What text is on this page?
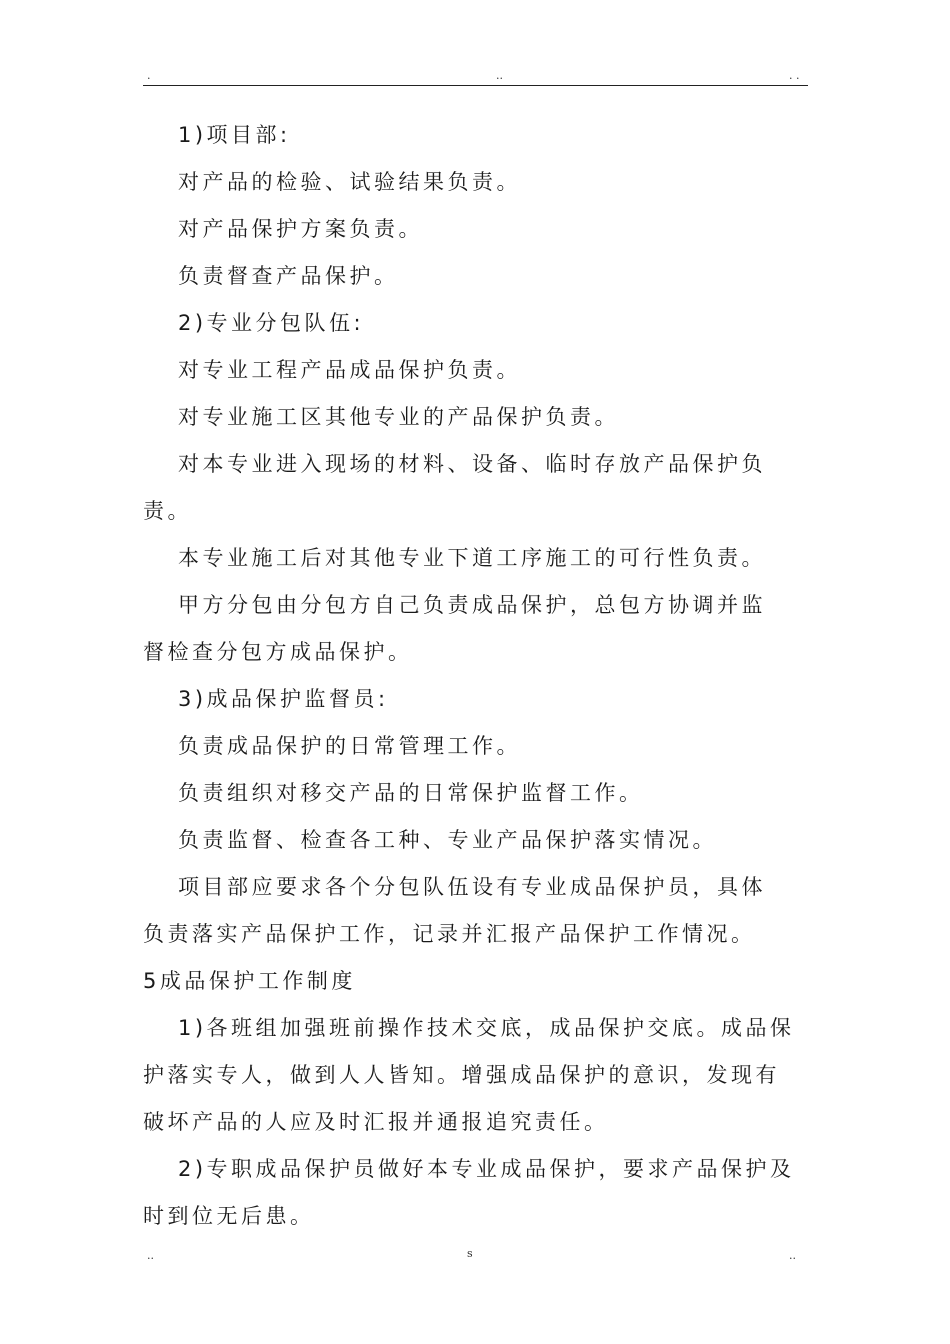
.	..	. .

1)项目部:

对产品的检验、试验结果负责。

对产品保护方案负责。

负责督查产品保护。

2)专业分包队伍:

对专业工程产品成品保护负责。

对专业施工区其他专业的产品保护负责。

对本专业进入现场的材料、设备、临时存放产品保护负

责。

本专业施工后对其他专业下道工序施工的可行性负责。

甲方分包由分包方自己负责成品保护，总包方协调并监

督检查分包方成品保护。

3)成品保护监督员:

负责成品保护的日常管理工作。

负责组织对移交产品的日常保护监督工作。

负责监督、检查各工种、专业产品保护落实情况。

项目部应要求各个分包队伍设有专业成品保护员，具体

负责落实产品保护工作，记录并汇报产品保护工作情况。

5成品保护工作制度

1)各班组加强班前操作技术交底，成品保护交底。成品保

护落实专人，做到人人皆知。增强成品保护的意识，发现有

破坏产品的人应及时汇报并通报追究责任。

2)专职成品保护员做好本专业成品保护，要求产品保护及

时到位无后患。

..	s	..
